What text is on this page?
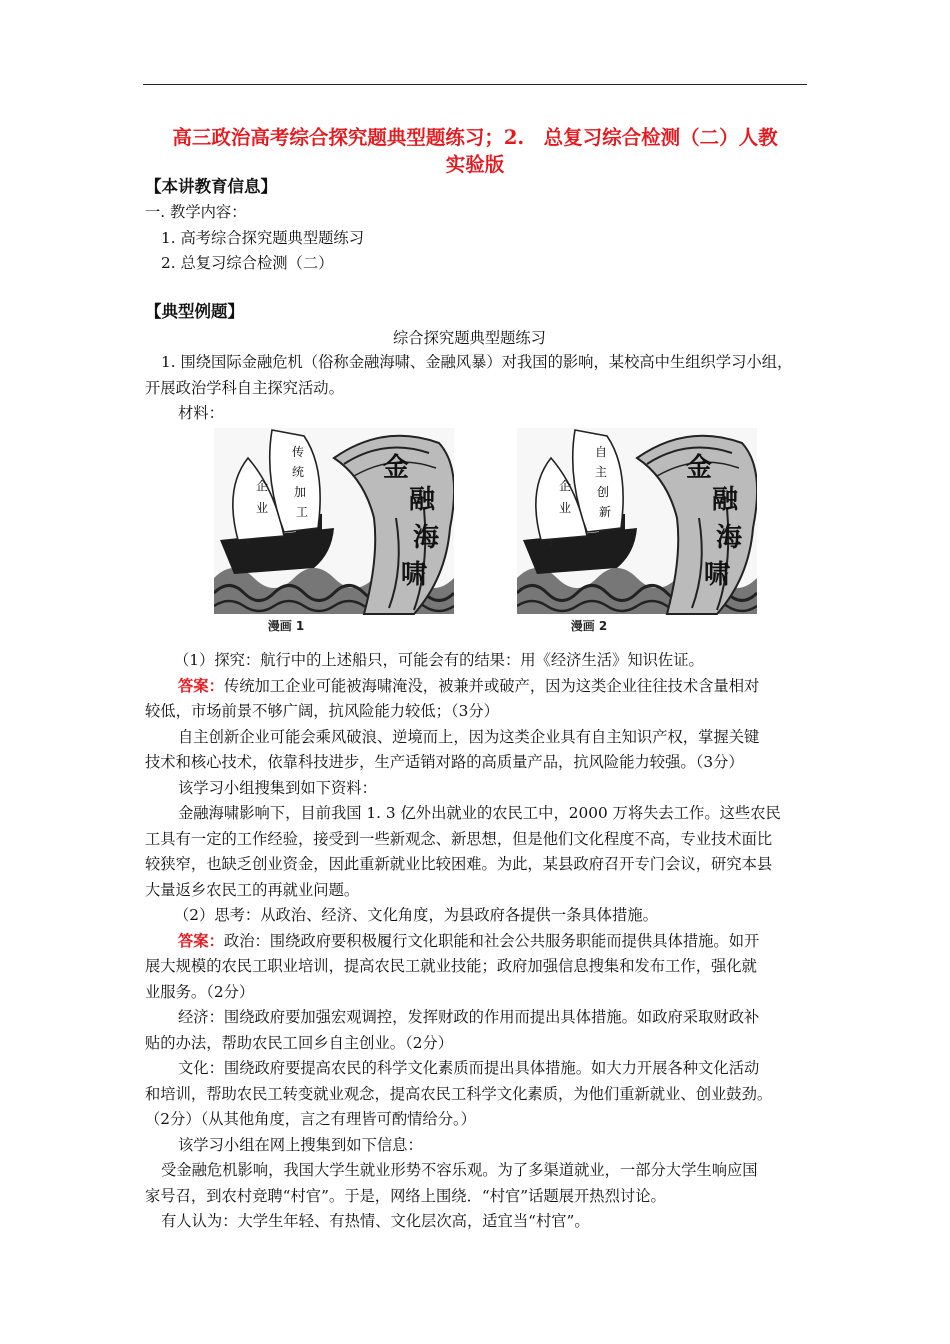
高三政治高考综合探究题典型题练习；2.　总复习综合检测（二）人教
实验版
【本讲教育信息】
一. 教学内容：
1. 高考综合探究题典型题练习
2. 总复习综合检测（二）
【典型例题】
综合探究题典型题练习
1. 围绕国际金融危机（俗称金融海啸、金融风暴）对我国的影响，某校高中生组织学习小组，
开展政治学科自主探究活动。
材料：
企
业
传
统
加
工
金
融
海
啸
漫画 1
企
业
自
主
创
新
金
融
海
啸
漫画 2
（1）探究：航行中的上述船只，可能会有的结果：用《经济生活》知识佐证。
答案：传统加工企业可能被海啸淹没，被兼并或破产，因为这类企业往往技术含量相对
较低，市场前景不够广阔，抗风险能力较低；（3分）
自主创新企业可能会乘风破浪、逆境而上，因为这类企业具有自主知识产权，掌握关键
技术和核心技术，依靠科技进步，生产适销对路的高质量产品，抗风险能力较强。（3分）
该学习小组搜集到如下资料：
金融海啸影响下，目前我国 1. 3 亿外出就业的农民工中，2000 万将失去工作。这些农民
工具有一定的工作经验，接受到一些新观念、新思想，但是他们文化程度不高，专业技术面比
较狭窄，也缺乏创业资金，因此重新就业比较困难。为此，某县政府召开专门会议，研究本县
大量返乡农民工的再就业问题。
（2）思考：从政治、经济、文化角度，为县政府各提供一条具体措施。
答案：政治：围绕政府要积极履行文化职能和社会公共服务职能而提供具体措施。如开
展大规模的农民工职业培训，提高农民工就业技能；政府加强信息搜集和发布工作，强化就
业服务。（2分）
经济：围绕政府要加强宏观调控，发挥财政的作用而提出具体措施。如政府采取财政补
贴的办法，帮助农民工回乡自主创业。（2分）
文化：围绕政府要提高农民的科学文化素质而提出具体措施。如大力开展各种文化活动
和培训，帮助农民工转变就业观念，提高农民工科学文化素质，为他们重新就业、创业鼓劲。
（2分）（从其他角度，言之有理皆可酌情给分。）
该学习小组在网上搜集到如下信息：
受金融危机影响，我国大学生就业形势不容乐观。为了多渠道就业，一部分大学生响应国
家号召，到农村竞聘“村官”。于是，网络上围绕．“村官”话题展开热烈讨论。
有人认为：大学生年轻、有热情、文化层次高，适宜当“村官”。
